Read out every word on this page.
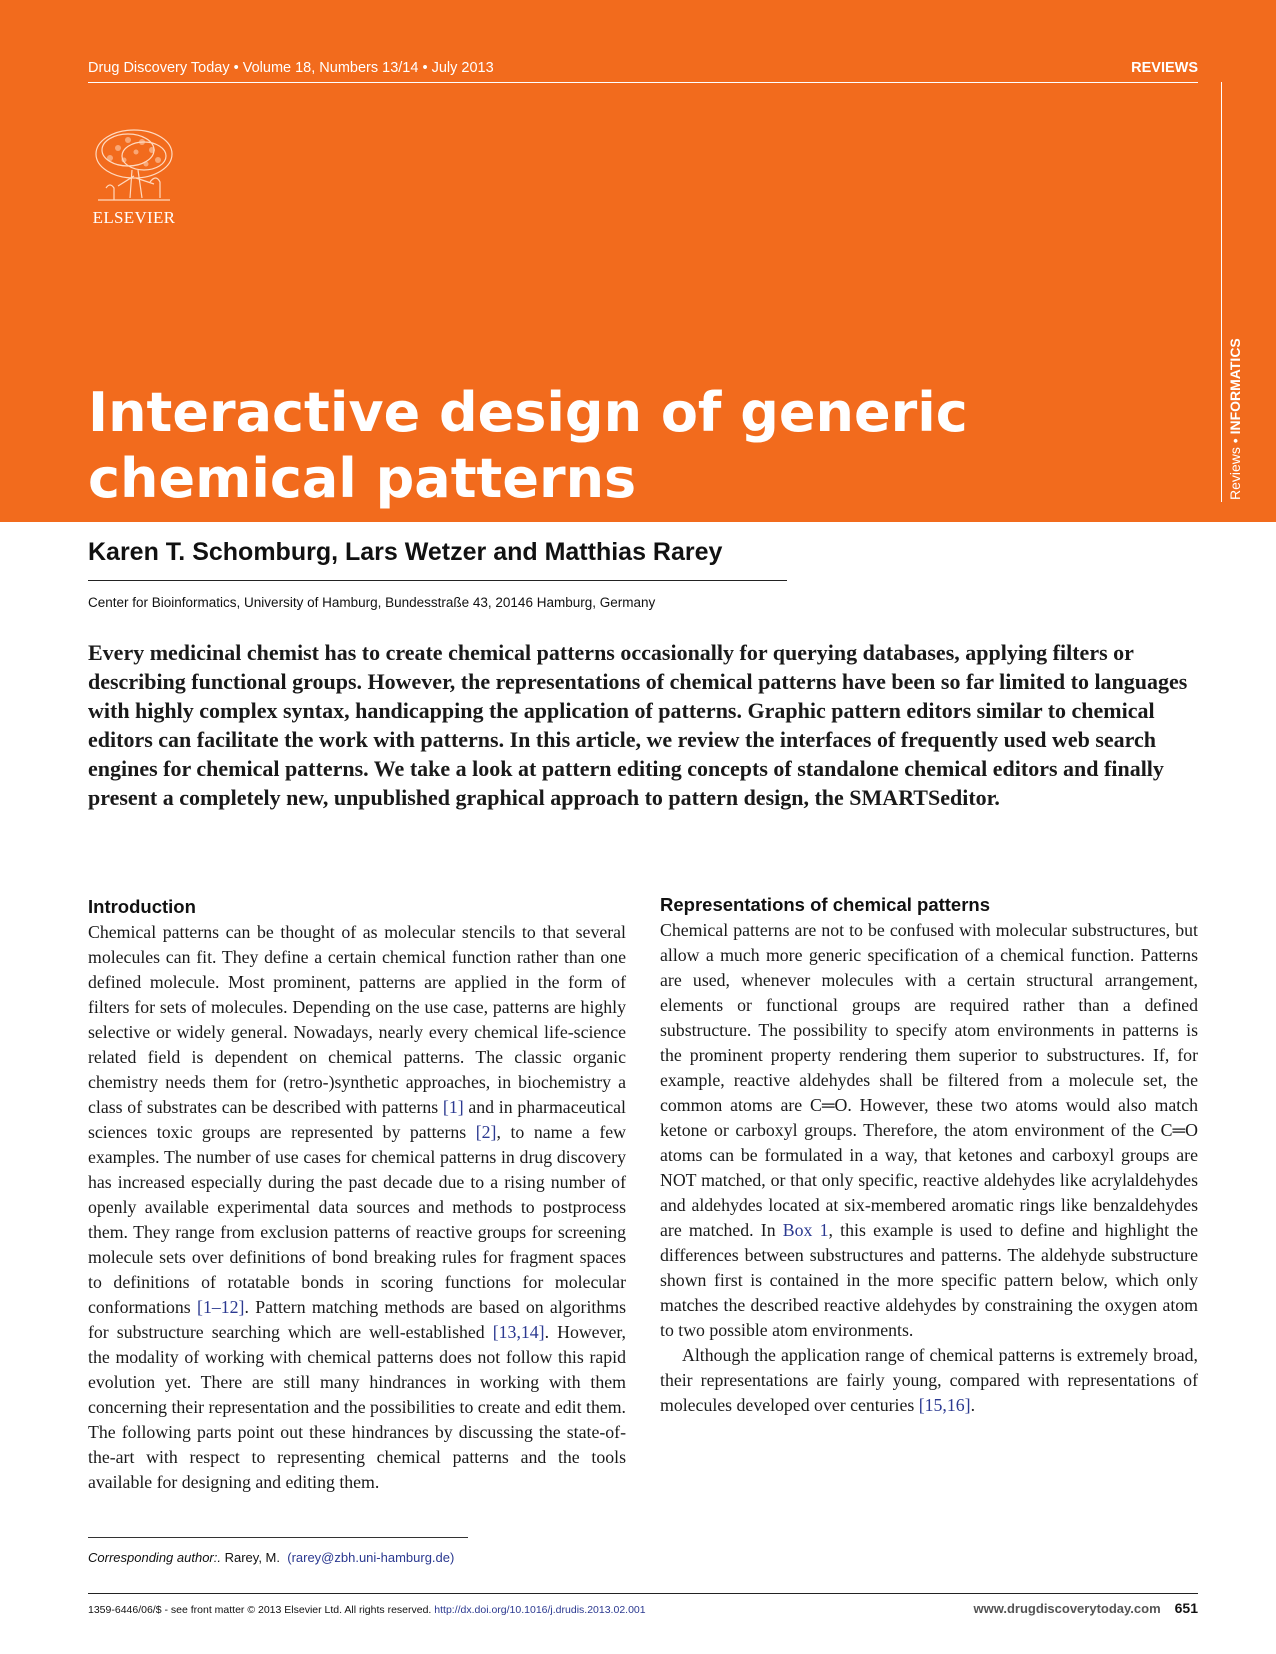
Drug Discovery Today • Volume 18, Numbers 13/14 • July 2013	REVIEWS
ELSEVIER
Reviews • INFORMATICS
Interactive design of generic chemical patterns
Karen T. Schomburg, Lars Wetzer and Matthias Rarey
Center for Bioinformatics, University of Hamburg, Bundesstraße 43, 20146 Hamburg, Germany
Every medicinal chemist has to create chemical patterns occasionally for querying databases, applying filters or describing functional groups. However, the representations of chemical patterns have been so far limited to languages with highly complex syntax, handicapping the application of patterns. Graphic pattern editors similar to chemical editors can facilitate the work with patterns. In this article, we review the interfaces of frequently used web search engines for chemical patterns. We take a look at pattern editing concepts of standalone chemical editors and finally present a completely new, unpublished graphical approach to pattern design, the SMARTSeditor.
Introduction

Chemical patterns can be thought of as molecular stencils to that several molecules can fit. They define a certain chemical function rather than one defined molecule. Most prominent, patterns are applied in the form of filters for sets of molecules. Depending on the use case, patterns are highly selective or widely general. Nowadays, nearly every chemical life-science related field is dependent on chemical patterns. The classic organic chemistry needs them for (retro-)synthetic approaches, in biochemistry a class of substrates can be described with patterns [1] and in pharmaceutical sciences toxic groups are represented by patterns [2], to name a few examples. The number of use cases for chemical patterns in drug discovery has increased especially during the past decade due to a rising number of openly available experimental data sources and methods to postprocess them. They range from exclusion patterns of reactive groups for screening molecule sets over definitions of bond breaking rules for fragment spaces to definitions of rotatable bonds in scoring functions for molecular conformations [1–12]. Pattern matching methods are based on algorithms for substructure searching which are well-established [13,14]. However, the modality of working with chemical patterns does not follow this rapid evolution yet. There are still many hindrances in working with them concerning their representation and the possibilities to create and edit them. The following parts point out these hindrances by discussing the state-of-the-art with respect to representing chemical patterns and the tools available for designing and editing them.

Representations of chemical patterns

Chemical patterns are not to be confused with molecular substructures, but allow a much more generic specification of a chemical function. Patterns are used, whenever molecules with a certain structural arrangement, elements or functional groups are required rather than a defined substructure. The possibility to specify atom environments in patterns is the prominent property rendering them superior to substructures. If, for example, reactive aldehydes shall be filtered from a molecule set, the common atoms are C═O. However, these two atoms would also match ketone or carboxyl groups. Therefore, the atom environment of the C═O atoms can be formulated in a way, that ketones and carboxyl groups are NOT matched, or that only specific, reactive aldehydes like acrylaldehydes and aldehydes located at six-membered aromatic rings like benzaldehydes are matched. In Box 1, this example is used to define and highlight the differences between substructures and patterns. The aldehyde substructure shown first is contained in the more specific pattern below, which only matches the described reactive aldehydes by constraining the oxygen atom to two possible atom environments.

Although the application range of chemical patterns is extremely broad, their representations are fairly young, compared with representations of molecules developed over centuries [15,16].

Corresponding author:. Rarey, M. (rarey@zbh.uni-hamburg.de)
1359-6446/06/$ - see front matter © 2013 Elsevier Ltd. All rights reserved. http://dx.doi.org/10.1016/j.drudis.2013.02.001	www.drugdiscoverytoday.com 651
